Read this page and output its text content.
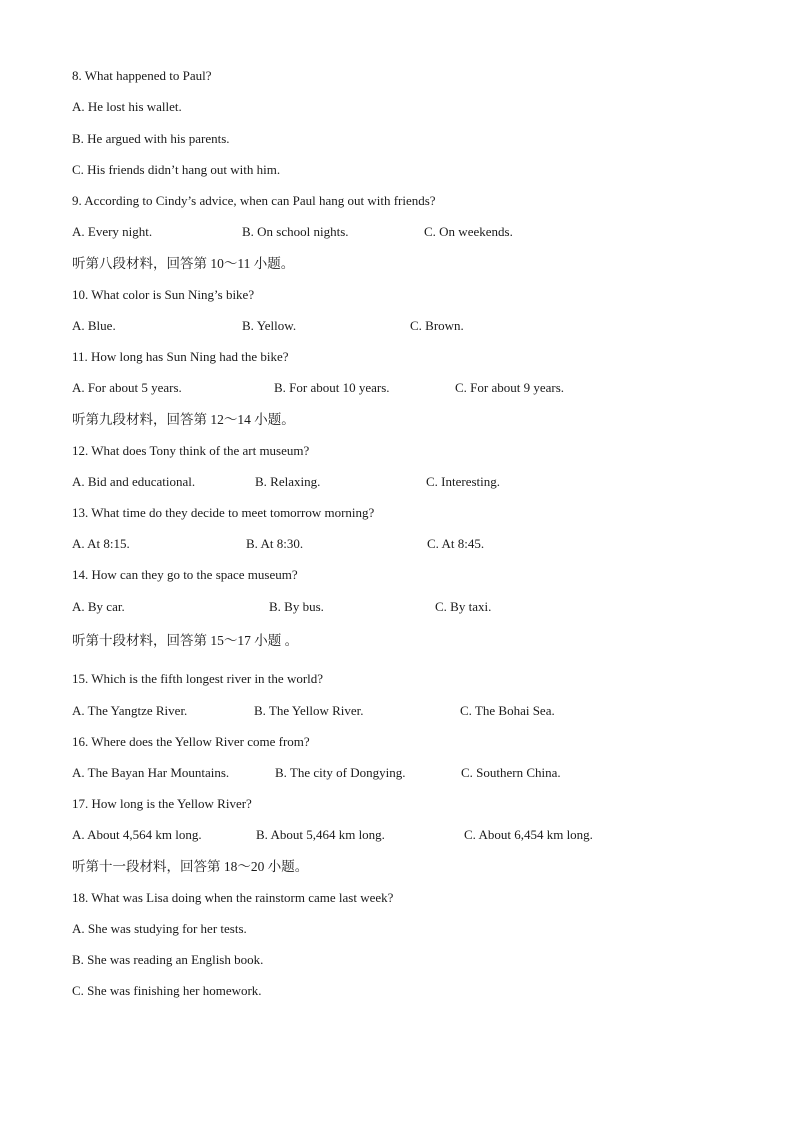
8. What happened to Paul?
A. He lost his wallet.
B. He argued with his parents.
C. His friends didn’t hang out with him.
9. According to Cindy’s advice, when can Paul hang out with friends?
A. Every night.	B. On school nights.	C. On weekends.
听第八段材料，回答第 10～11 小题。
10. What color is Sun Ning’s bike?
A. Blue.	B. Yellow.	C. Brown.
11. How long has Sun Ning had the bike?
A. For about 5 years.	B. For about 10 years.	C. For about 9 years.
听第九段材料，回答第 12～14 小题。
12. What does Tony think of the art museum?
A. Bid and educational.	B. Relaxing.	C. Interesting.
13. What time do they decide to meet tomorrow morning?
A. At 8:15.	B. At 8:30.	C. At 8:45.
14. How can they go to the space museum?
A. By car.	B. By bus.	C. By taxi.
听第十段材料，回答第 15～17 小题 。
15. Which is the fifth longest river in the world?
A. The Yangtze River.	B. The Yellow River.	C. The Bohai Sea.
16. Where does the Yellow River come from?
A. The Bayan Har Mountains.	B. The city of Dongying.	C. Southern China.
17. How long is the Yellow River?
A. About 4,564 km long.	B. About 5,464 km long.	C. About 6,454 km long.
听第十一段材料，回答第 18～20 小题。
18. What was Lisa doing when the rainstorm came last week?
A. She was studying for her tests.
B. She was reading an English book.
C. She was finishing her homework.
